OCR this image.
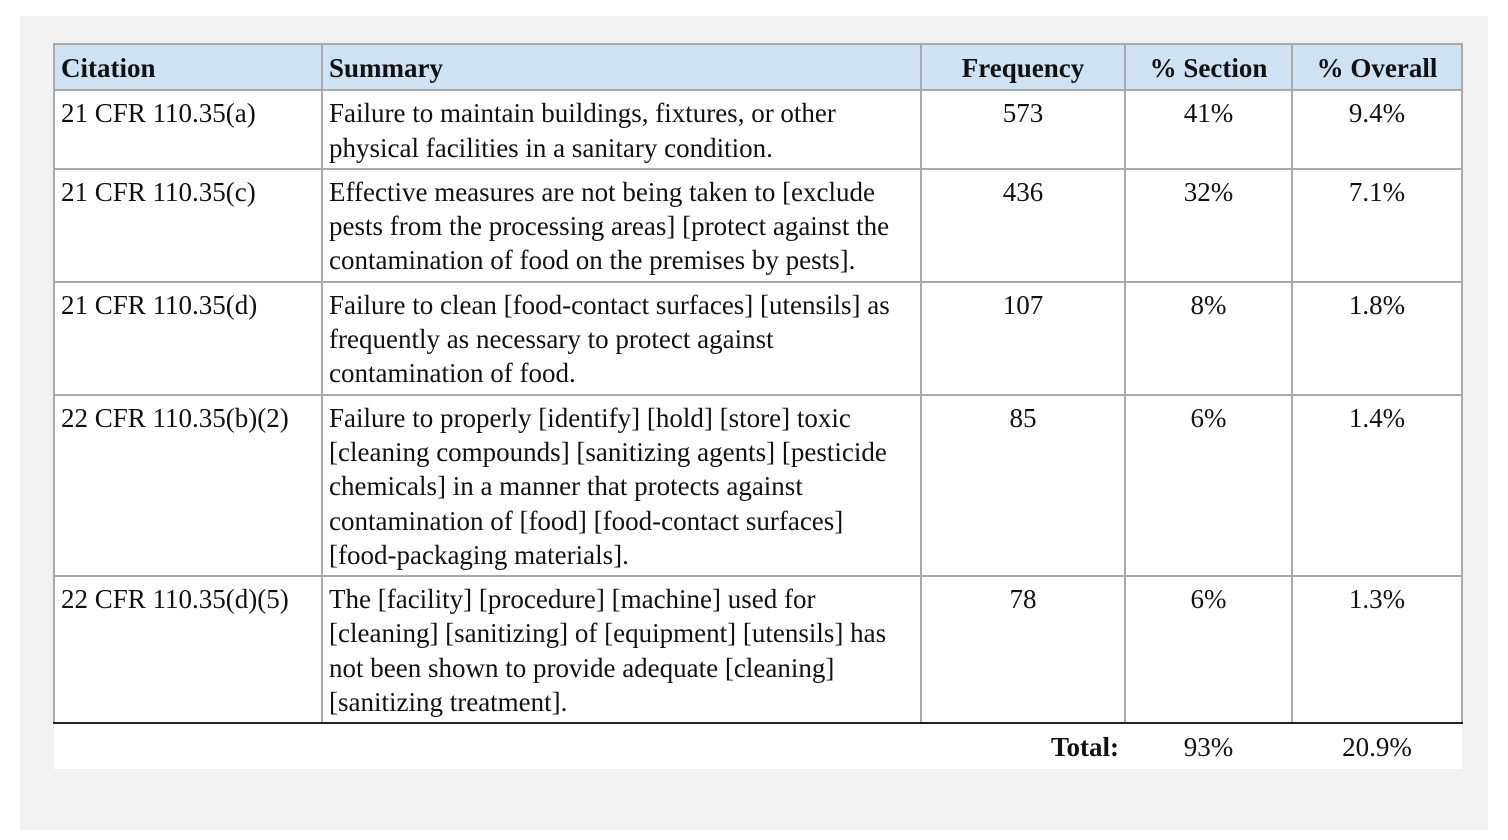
Citation	Summary	Frequency	% Section	% Overall
21 CFR 110.35(a)	Failure to maintain buildings, fixtures, or other physical facilities in a sanitary condition.	573	41%	9.4%
21 CFR 110.35(c)	Effective measures are not being taken to [exclude pests from the processing areas] [protect against the contamination of food on the premises by pests].	436	32%	7.1%
21 CFR 110.35(d)	Failure to clean [food-contact surfaces] [utensils] as frequently as necessary to protect against contamination of food.	107	8%	1.8%
22 CFR 110.35(b)(2)	Failure to properly [identify] [hold] [store] toxic [cleaning compounds] [sanitizing agents] [pesticide chemicals] in a manner that protects against contamination of [food] [food-contact surfaces] [food-packaging materials].	85	6%	1.4%
22 CFR 110.35(d)(5)	The [facility] [procedure] [machine] used for [cleaning] [sanitizing] of [equipment] [utensils] has not been shown to provide adequate [cleaning] [sanitizing treatment].	78	6%	1.3%
Total:			93%	20.9%
